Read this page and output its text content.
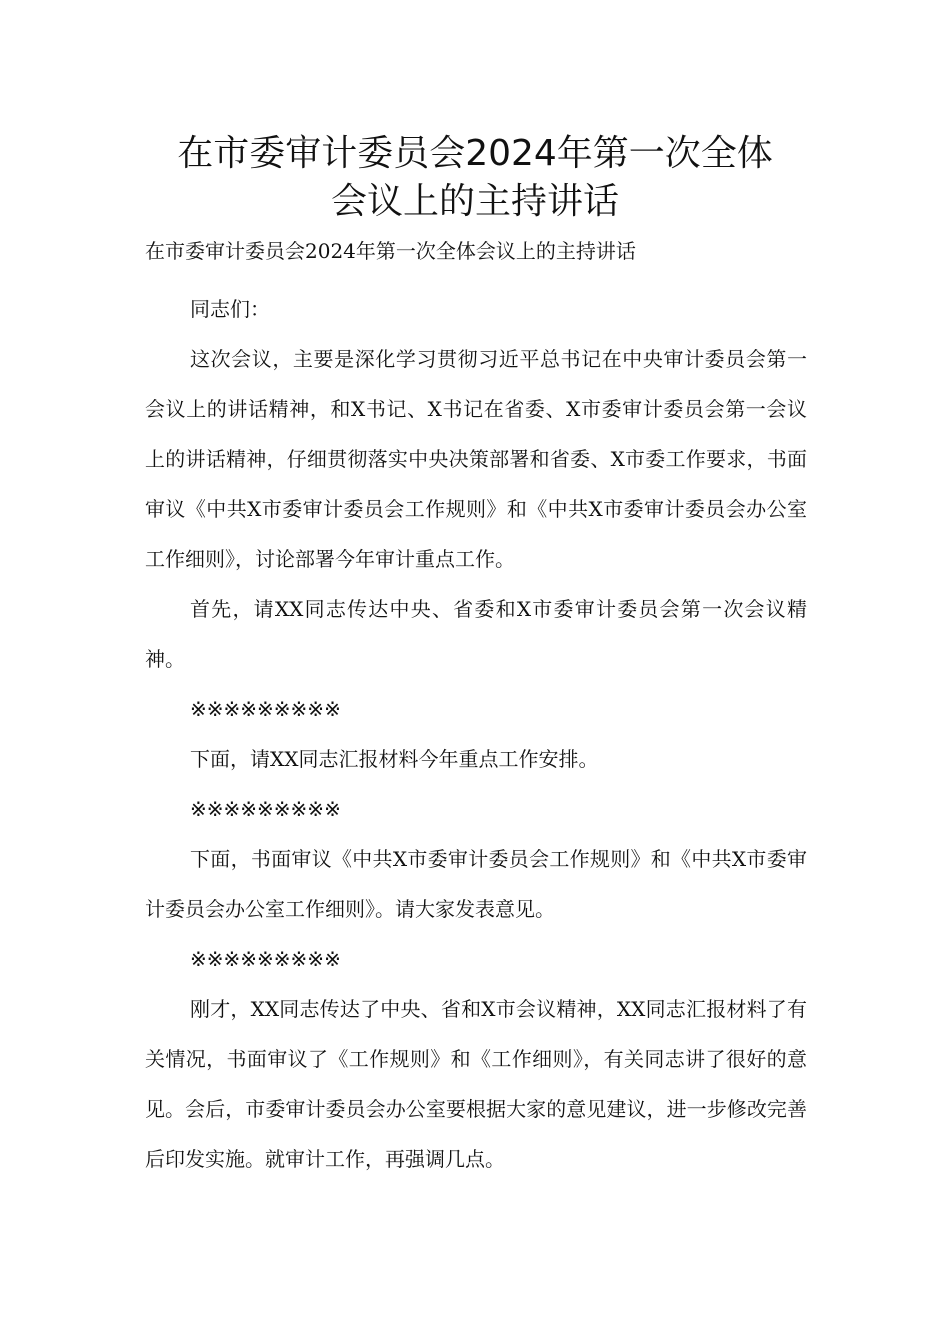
在市委审计委员会2024年第一次全体
会议上的主持讲话

在市委审计委员会2024年第一次全体会议上的主持讲话

同志们：

这次会议，主要是深化学习贯彻习近平总书记在中央审计委员会第一会议上的讲话精神，和X书记、X书记在省委、X市委审计委员会第一会议上的讲话精神，仔细贯彻落实中央决策部署和省委、X市委工作要求，书面审议《中共X市委审计委员会工作规则》和《中共X市委审计委员会办公室工作细则》，讨论部署今年审计重点工作。

首先，请XX同志传达中央、省委和X市委审计委员会第一次会议精神。

※※※※※※※※※

下面，请XX同志汇报材料今年重点工作安排。

※※※※※※※※※

下面，书面审议《中共X市委审计委员会工作规则》和《中共X市委审计委员会办公室工作细则》。请大家发表意见。

※※※※※※※※※

刚才，XX同志传达了中央、省和X市会议精神，XX同志汇报材料了有关情况，书面审议了《工作规则》和《工作细则》，有关同志讲了很好的意见。会后，市委审计委员会办公室要根据大家的意见建议，进一步修改完善后印发实施。就审计工作，再强调几点。
